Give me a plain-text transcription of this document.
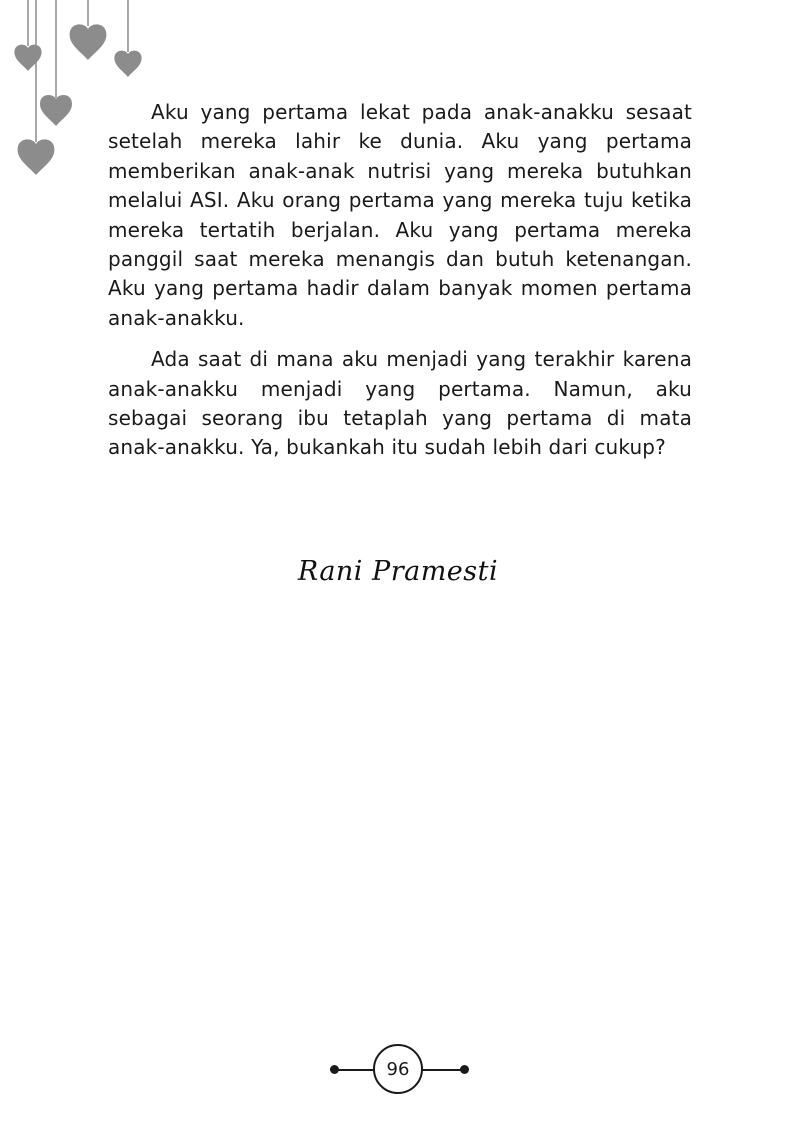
Aku yang pertama lekat pada anak-anakku sesaat setelah mereka lahir ke dunia. Aku yang pertama memberikan anak-anak nutrisi yang mereka butuhkan melalui ASI. Aku orang pertama yang mereka tuju ketika mereka tertatih berjalan. Aku yang pertama mereka panggil saat mereka menangis dan butuh ketenangan. Aku yang pertama hadir dalam banyak momen pertama anak-anakku.

Ada saat di mana aku menjadi yang terakhir karena anak-anakku menjadi yang pertama. Namun, aku sebagai seorang ibu tetaplah yang pertama di mata anak-anakku. Ya, bukankah itu sudah lebih dari cukup?

Rani Pramesti
96
